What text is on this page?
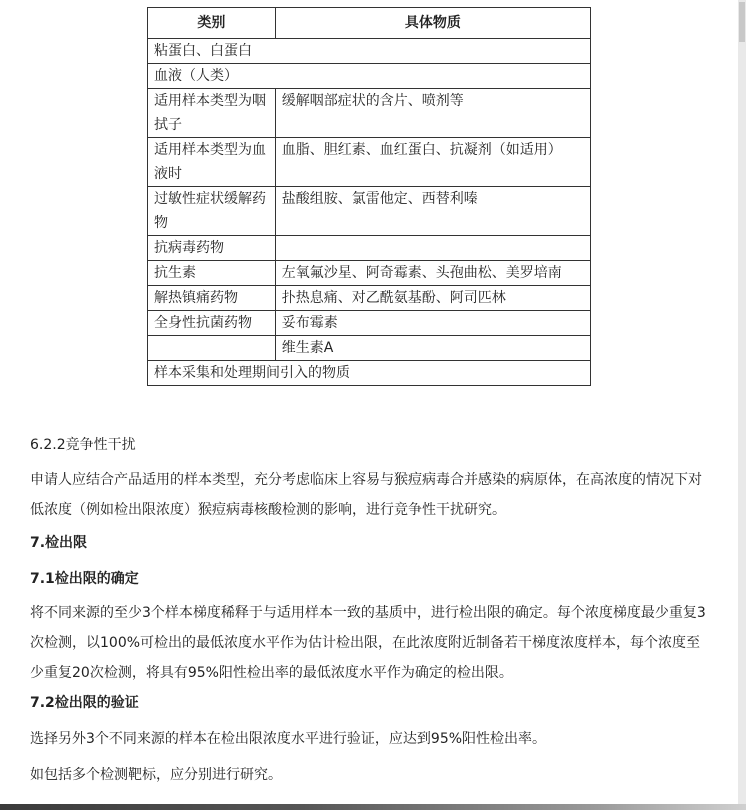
类别	具体物质
粘蛋白、白蛋白	
血液（人类）	
适用样本类型为咽拭子	缓解咽部症状的含片、喷剂等
适用样本类型为血液时	血脂、胆红素、血红蛋白、抗凝剂（如适用）
过敏性症状缓解药物	盐酸组胺、氯雷他定、西替利嗪
抗病毒药物	
抗生素	左氧氟沙星、阿奇霉素、头孢曲松、美罗培南
解热镇痛药物	扑热息痛、对乙酰氨基酚、阿司匹林
全身性抗菌药物	妥布霉素
	维生素A
样本采集和处理期间引入的物质	
6.2.2竞争性干扰
申请人应结合产品适用的样本类型，充分考虑临床上容易与猴痘病毒合并感染的病原体，在高浓度的情况下对低浓度（例如检出限浓度）猴痘病毒核酸检测的影响，进行竞争性干扰研究。
7.检出限
7.1检出限的确定
将不同来源的至少3个样本梯度稀释于与适用样本一致的基质中，进行检出限的确定。每个浓度梯度最少重复3次检测，以100%可检出的最低浓度水平作为估计检出限，在此浓度附近制备若干梯度浓度样本，每个浓度至少重复20次检测，将具有95%阳性检出率的最低浓度水平作为确定的检出限。
7.2检出限的验证
选择另外3个不同来源的样本在检出限浓度水平进行验证，应达到95%阳性检出率。
如包括多个检测靶标，应分别进行研究。
